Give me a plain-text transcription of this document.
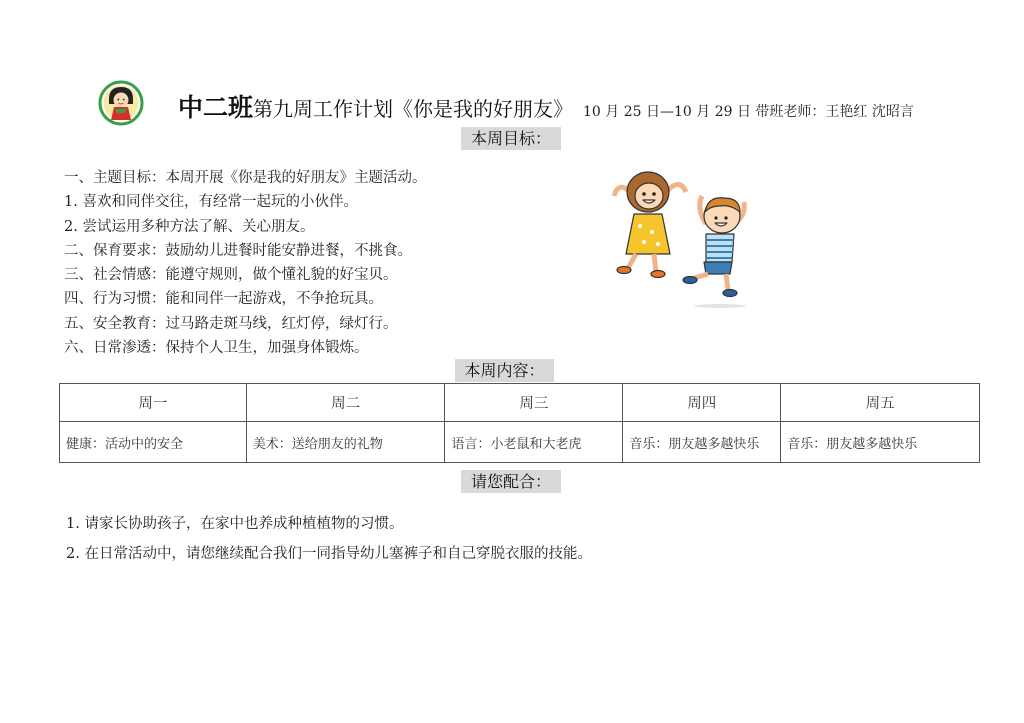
中二班第九周工作计划《你是我的好朋友》 10 月 25 日—10 月 29 日 带班老师：王艳红 沈昭言
本周目标：
一、主题目标：本周开展《你是我的好朋友》主题活动。
1. 喜欢和同伴交往，有经常一起玩的小伙伴。
2. 尝试运用多种方法了解、关心朋友。
二、保育要求：鼓励幼儿进餐时能安静进餐，不挑食。
三、社会情感：能遵守规则，做个懂礼貌的好宝贝。
四、行为习惯：能和同伴一起游戏，不争抢玩具。
五、安全教育：过马路走斑马线，红灯停，绿灯行。
六、日常渗透：保持个人卫生，加强身体锻炼。
本周内容：
周一	周二	周三	周四	周五
健康：活动中的安全	美术：送给朋友的礼物	语言：小老鼠和大老虎	音乐：朋友越多越快乐	音乐：朋友越多越快乐
请您配合：
1. 请家长协助孩子，在家中也养成种植植物的习惯。
2. 在日常活动中，请您继续配合我们一同指导幼儿塞裤子和自己穿脱衣服的技能。
